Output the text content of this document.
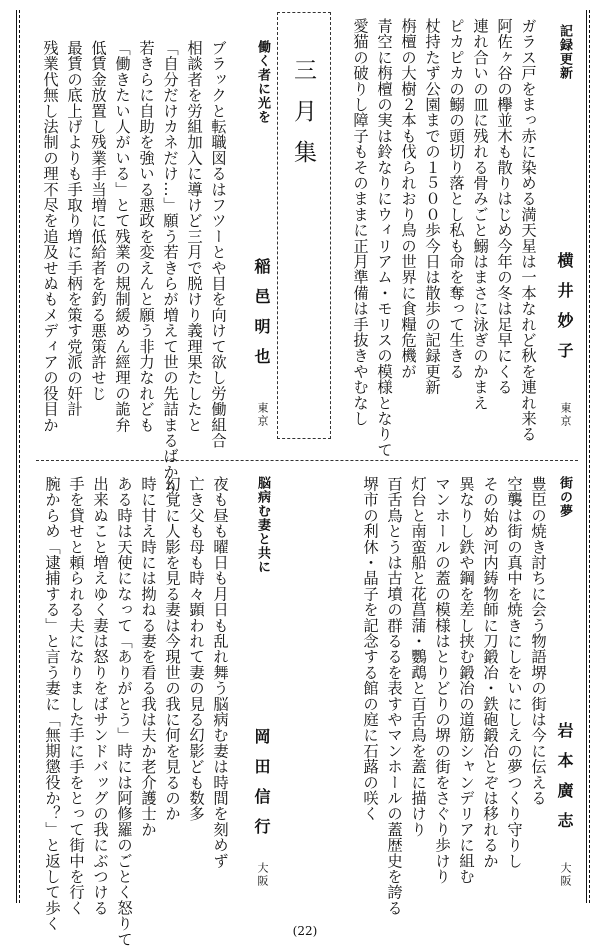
三月集
記録更新
横井妙子
東京
ガラス戸をまっ赤に染める満天星は一本なれど秋を連れ来る
阿佐ヶ谷の欅並木も散りはじめ今年の冬は足早にくる
連れ合いの皿に残れる骨みごと鰯はまさに泳ぎのかまえ
ピカピカの鰯の頭切り落とし私も命を奪って生きる
杖持たず公園までの１５００歩今日は散歩の記録更新
栴檀の大樹２本も伐られおり鳥の世界に食糧危機が
青空に栴檀の実は鈴なりにウィリアム・モリスの模様となりて
愛猫の破りし障子もそのままに正月準備は手抜きやむなし
働く者に光を
稲邑明也
東京
ブラックと転職図るはフツーとや目を向けて欲し労働組合
相談者を労組加入に導けど三月で脱けり義理果たしたと
「自分だけカネだけ…」願う若きらが増えて世の先詰まるばかり
若きらに自助を強いる悪政を変えんと願う非力なれども
「働きたい人がいる」とて残業の規制緩めん經理の詭弁
低賃金放置し残業手当増に低給者を釣る悪策許せじ
最賃の底上げよりも手取り増に手柄を策す党派の奸計
残業代無し法制の理不尽を追及せぬもメディアの役目か
街の夢
岩本廣志
大阪
豊臣の焼き討ちに会う物語堺の街は今に伝える
空襲は街の真中を焼きにしをいにしえの夢つくり守りし
その始め河内鋳物師に刀鍛冶・鉄砲鍛冶とぞは移れるか
異なりし鉄や鋼を差し挟む鍛冶の道筋シャンデリアに組む
マンホールの蓋の模様はとりどりの堺の街をさぐり歩けり
灯台と南蛮船と花菖蒲・鸚鵡と百舌鳥を蓋に描けり
百舌鳥とうは古墳の群るるを表すやマンホールの蓋歴史を誇る
堺市の利休・晶子を記念する館の庭に石蕗の咲く
脳病む妻と共に
岡田信行
大阪
夜も昼も曜日も月日も乱れ舞う脳病む妻は時間を刻めず
亡き父も母も時々顕われて妻の見る幻影ども数多
幻覚に人影を見る妻は今現世の我に何を見るのか
時に甘え時には拗ねる妻を看る我は夫か老介護士か
ある時は天使になって「ありがとう」時には阿修羅のごとく怒りて
出来ぬこと増えゆく妻は怒りをばサンドバッグの我にぶつける
手を貸せと頼られる夫になりました手に手をとって街中を行く
腕からめ「逮捕する」と言う妻に「無期懲役か？」と返して歩く	(22)
